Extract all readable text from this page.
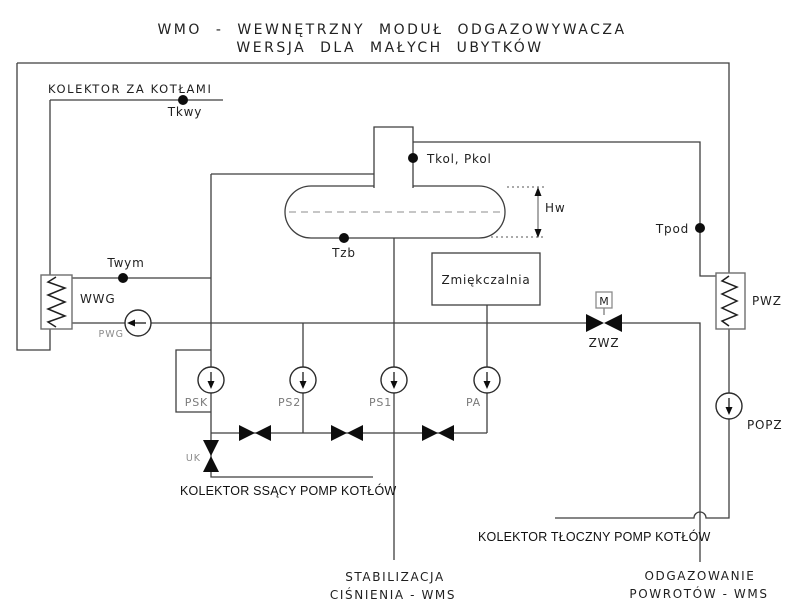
Zmiękczalnia
M
WMO - WEWNĘTRZNY MODUŁ ODGAZOWYWACZA
WERSJA DLA MAŁYCH UBYTKÓW
KOLEKTOR ZA KOTŁAMI
Tkwy
Twym
Tkol, Pkol
Tzb
Tpod
Hw
WWG	PWZ
PWG
POPZ
PSK	PS2	PS1	PA
UK
ZWZ
KOLEKTOR SSĄCY POMP KOTŁÓW
KOLEKTOR TŁOCZNY POMP KOTŁÓW
STABILIZACJA
CIŚNIENIA - WMS
ODGAZOWANIE
POWROTÓW - WMS
